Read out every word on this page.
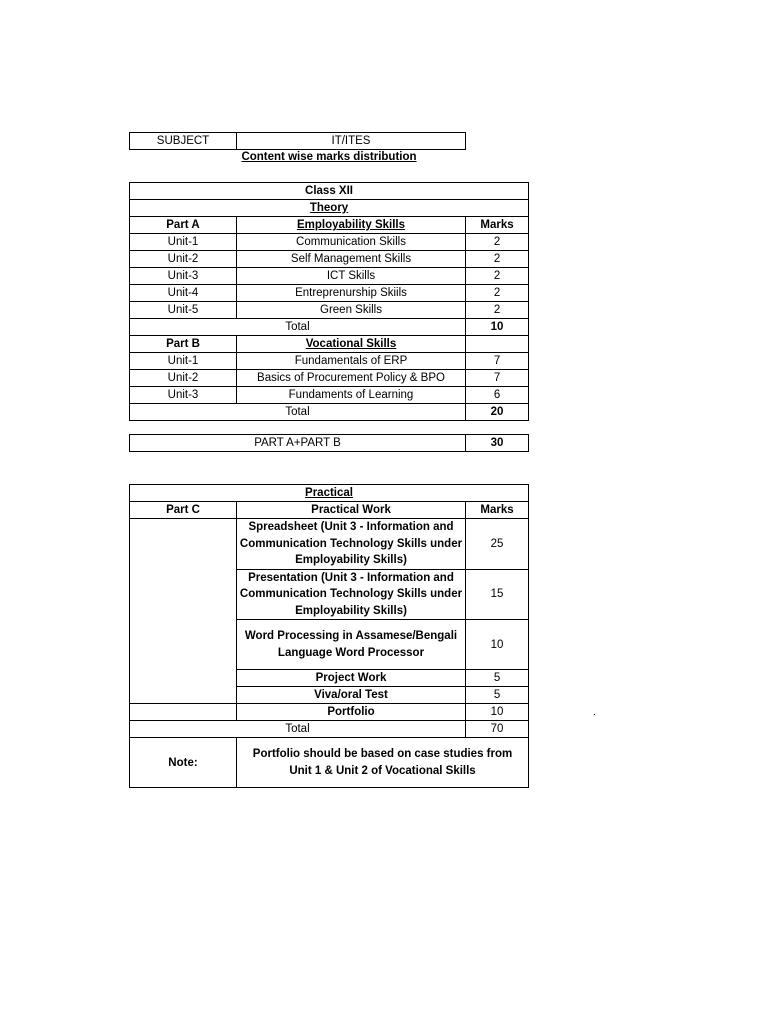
SUBJECT	IT/ITES
Content wise marks distribution
Class XII		
Theory		
Part A	Employability Skills	Marks
Unit-1	Communication Skills	2
Unit-2	Self Management Skills	2
Unit-3	ICT Skills	2
Unit-4	Entreprenurship Skiils	2
Unit-5	Green Skills	2
Total		10
Part B	Vocational Skills	
Unit-1	Fundamentals of ERP	7
Unit-2	Basics of Procurement Policy & BPO	7
Unit-3	Fundaments of Learning	6
Total		20
PART A+PART B	30
Practical		
Part C	Practical Work	Marks
	Spreadsheet (Unit 3 - Information and Communication Technology Skills under Employability Skills)	25
	Presentation (Unit 3 - Information and Communication Technology Skills under Employability Skills)	15
	Word Processing in Assamese/Bengali Language Word Processor	10
	Project Work	5
	Viva/oral Test	5
	Portfolio	10
Total		70
Note:	Portfolio should be based on case studies from Unit 1 & Unit 2 of Vocational Skills	
.
